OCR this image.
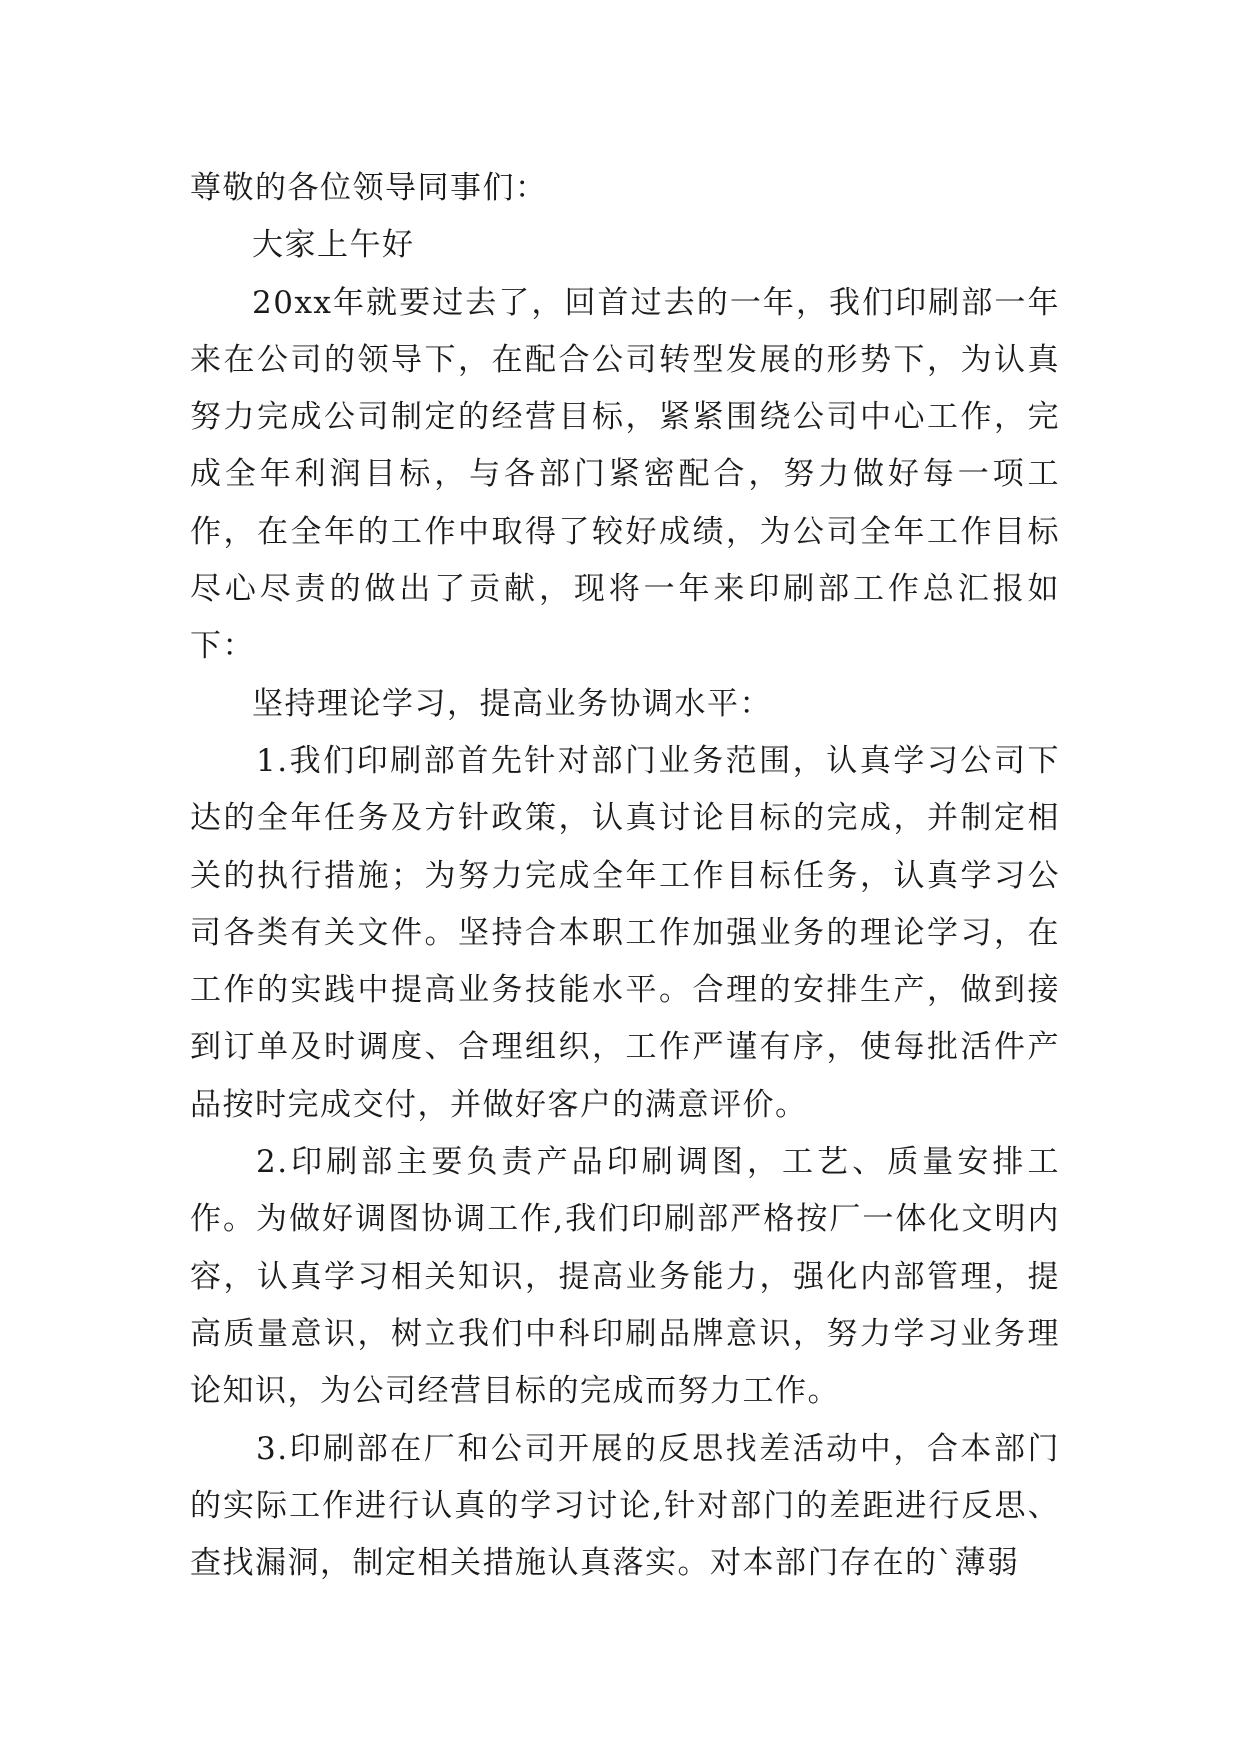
尊敬的各位领导同事们：

大家上午好

20xx年就要过去了，回首过去的一年，我们印刷部一年来在公司的领导下，在配合公司转型发展的形势下，为认真努力完成公司制定的经营目标，紧紧围绕公司中心工作，完成全年利润目标，与各部门紧密配合，努力做好每一项工作，在全年的工作中取得了较好成绩，为公司全年工作目标尽心尽责的做出了贡献，现将一年来印刷部工作总汇报如下：

坚持理论学习，提高业务协调水平：

1.我们印刷部首先针对部门业务范围，认真学习公司下达的全年任务及方针政策，认真讨论目标的完成，并制定相关的执行措施；为努力完成全年工作目标任务，认真学习公司各类有关文件。坚持合本职工作加强业务的理论学习，在工作的实践中提高业务技能水平。合理的安排生产，做到接到订单及时调度、合理组织，工作严谨有序，使每批活件产品按时完成交付，并做好客户的满意评价。

2.印刷部主要负责产品印刷调图，工艺、质量安排工作。为做好调图协调工作,我们印刷部严格按厂一体化文明内容，认真学习相关知识，提高业务能力，强化内部管理，提高质量意识，树立我们中科印刷品牌意识，努力学习业务理论知识，为公司经营目标的完成而努力工作。

3.印刷部在厂和公司开展的反思找差活动中，合本部门的实际工作进行认真的学习讨论,针对部门的差距进行反思、查找漏洞，制定相关措施认真落实。对本部门存在的`薄弱
